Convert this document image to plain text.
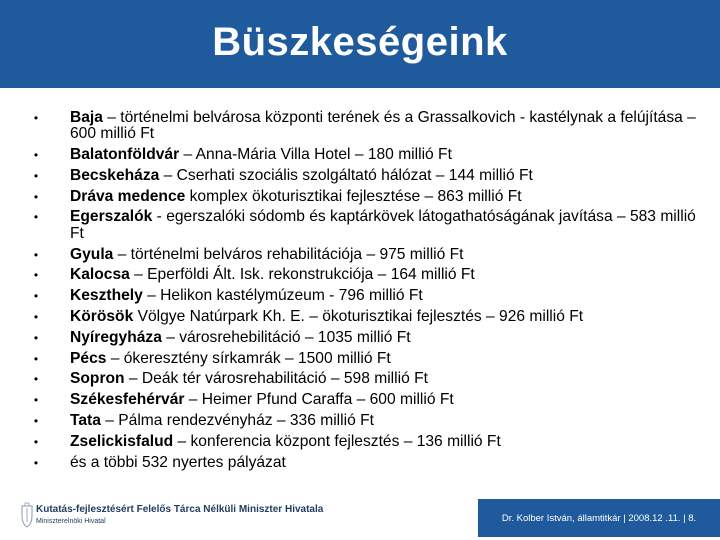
Büszkeségeink
• Baja – történelmi belvárosa központi terének és a Grassalkovich - kastélynak a felújítása – 600 millió Ft
• Balatonföldvár – Anna-Mária Villa Hotel – 180 millió Ft
• Becskeháza – Cserhati szociális szolgáltató hálózat – 144 millió Ft
• Dráva medence komplex ökoturisztikai fejlesztése – 863 millió Ft
• Egerszalók - egerszalóki sódomb és kaptárkövek látogathatóságának javítása – 583 millió Ft
• Gyula – történelmi belváros rehabilitációja – 975 millió Ft
• Kalocsa – Eperföldi Ált. Isk. rekonstrukciója – 164 millió Ft
• Keszthely – Helikon kastélymúzeum - 796 millió Ft
• Körösök Völgye Natúrpark Kh. E. – ökoturisztikai fejlesztés – 926 millió Ft
• Nyíregyháza – városrehebilitáció – 1035 millió Ft
• Pécs – ókeresztény sírkamrák – 1500 millió Ft
• Sopron – Deák tér városrehabilitáció – 598 millió Ft
• Székesfehérvár – Heimer Pfund Caraffa – 600 millió Ft
• Tata – Pálma rendezvényház – 336 millió Ft
• Zselickisfalud – konferencia központ fejlesztés – 136 millió Ft
• és a többi 532 nyertes pályázat
Kutatás-fejlesztésért Felelős Tárca Nélküli Miniszter Hivatala
Miniszterelnöki Hivatal	Dr. Kolber István, államtitkár | 2008.12 .11. | 8.
